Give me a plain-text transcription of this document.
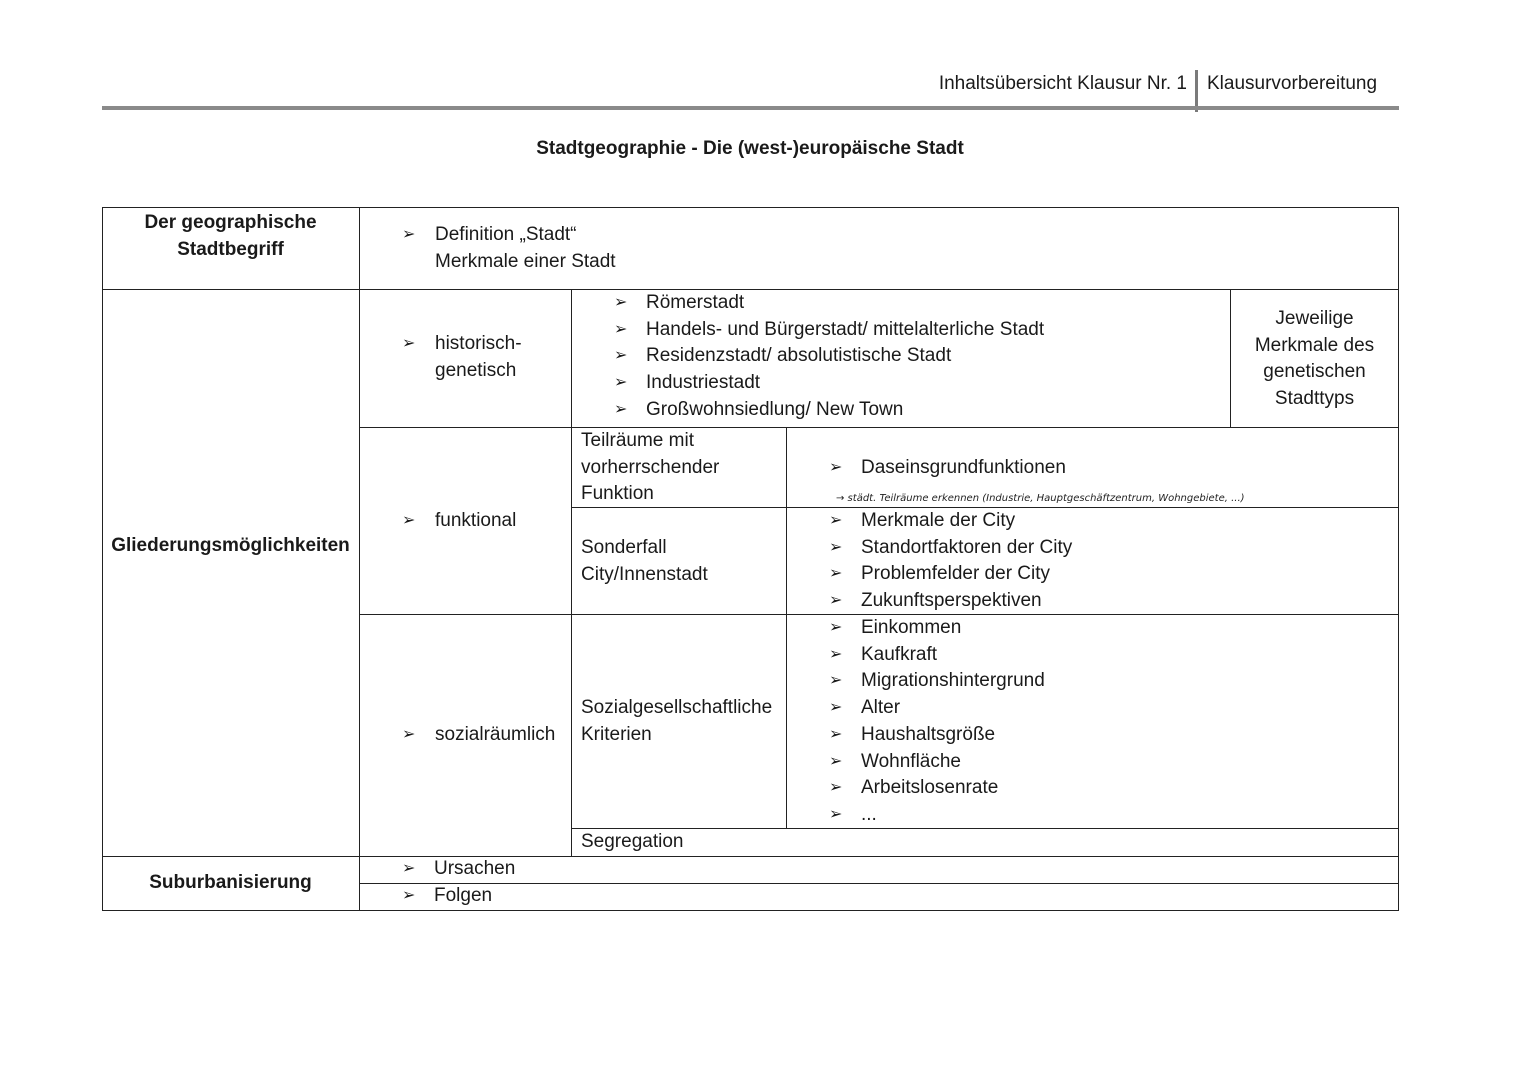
Inhaltsübersicht Klausur Nr. 1 Klausurvorbereitung
Stadtgeographie - Die (west-)europäische Stadt
Der geographische
Stadtbegriff
➢ Definition „Stadt“
Merkmale einer Stadt
Gliederungsmöglichkeiten
➢ historisch-
genetisch
➢ Römerstadt
➢ Handels- und Bürgerstadt/ mittelalterliche Stadt
➢ Residenzstadt/ absolutistische Stadt
➢ Industriestadt
➢ Großwohnsiedlung/ New Town
Jeweilige
Merkmale des
genetischen
Stadttyps
➢ funktional
Teilräume mit
vorherrschender
Funktion
➢ Daseinsgrundfunktionen
→ städt. Teilräume erkennen (Industrie, Hauptgeschäftzentrum, Wohngebiete, ...)
Sonderfall
City/Innenstadt
➢ Merkmale der City
➢ Standortfaktoren der City
➢ Problemfelder der City
➢ Zukunftsperspektiven
➢ sozialräumlich
Sozialgesellschaftliche
Kriterien
➢ Einkommen
➢ Kaufkraft
➢ Migrationshintergrund
➢ Alter
➢ Haushaltsgröße
➢ Wohnfläche
➢ Arbeitslosenrate
➢ ...
Segregation
Suburbanisierung
➢ Ursachen
➢ Folgen
